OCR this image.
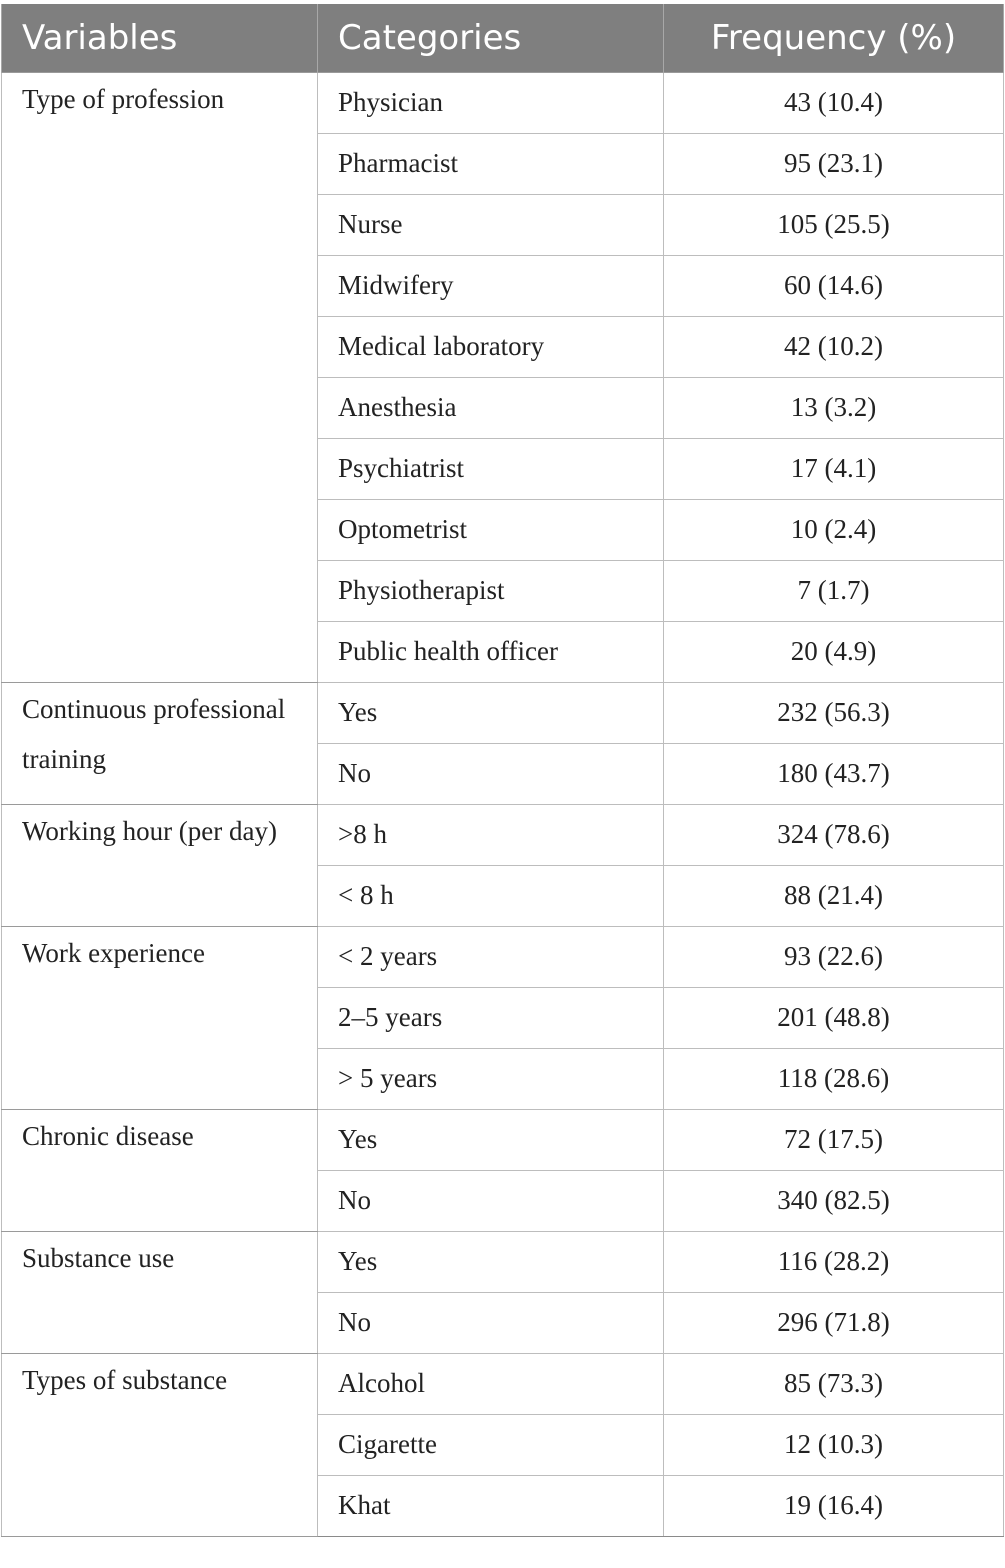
Variables	Categories	Frequency (%)

Type of profession	Physician	43 (10.4)
	Pharmacist	95 (23.1)
	Nurse	105 (25.5)
	Midwifery	60 (14.6)
	Medical laboratory	42 (10.2)
	Anesthesia	13 (3.2)
	Psychiatrist	17 (4.1)
	Optometrist	10 (2.4)
	Physiotherapist	7 (1.7)
	Public health officer	20 (4.9)

Continuous professional training	Yes	232 (56.3)
	No	180 (43.7)

Working hour (per day)	>8 h	324 (78.6)
	< 8 h	88 (21.4)

Work experience	< 2 years	93 (22.6)
	2–5 years	201 (48.8)
	> 5 years	118 (28.6)

Chronic disease	Yes	72 (17.5)
	No	340 (82.5)

Substance use	Yes	116 (28.2)
	No	296 (71.8)

Types of substance	Alcohol	85 (73.3)
	Cigarette	12 (10.3)
	Khat	19 (16.4)
